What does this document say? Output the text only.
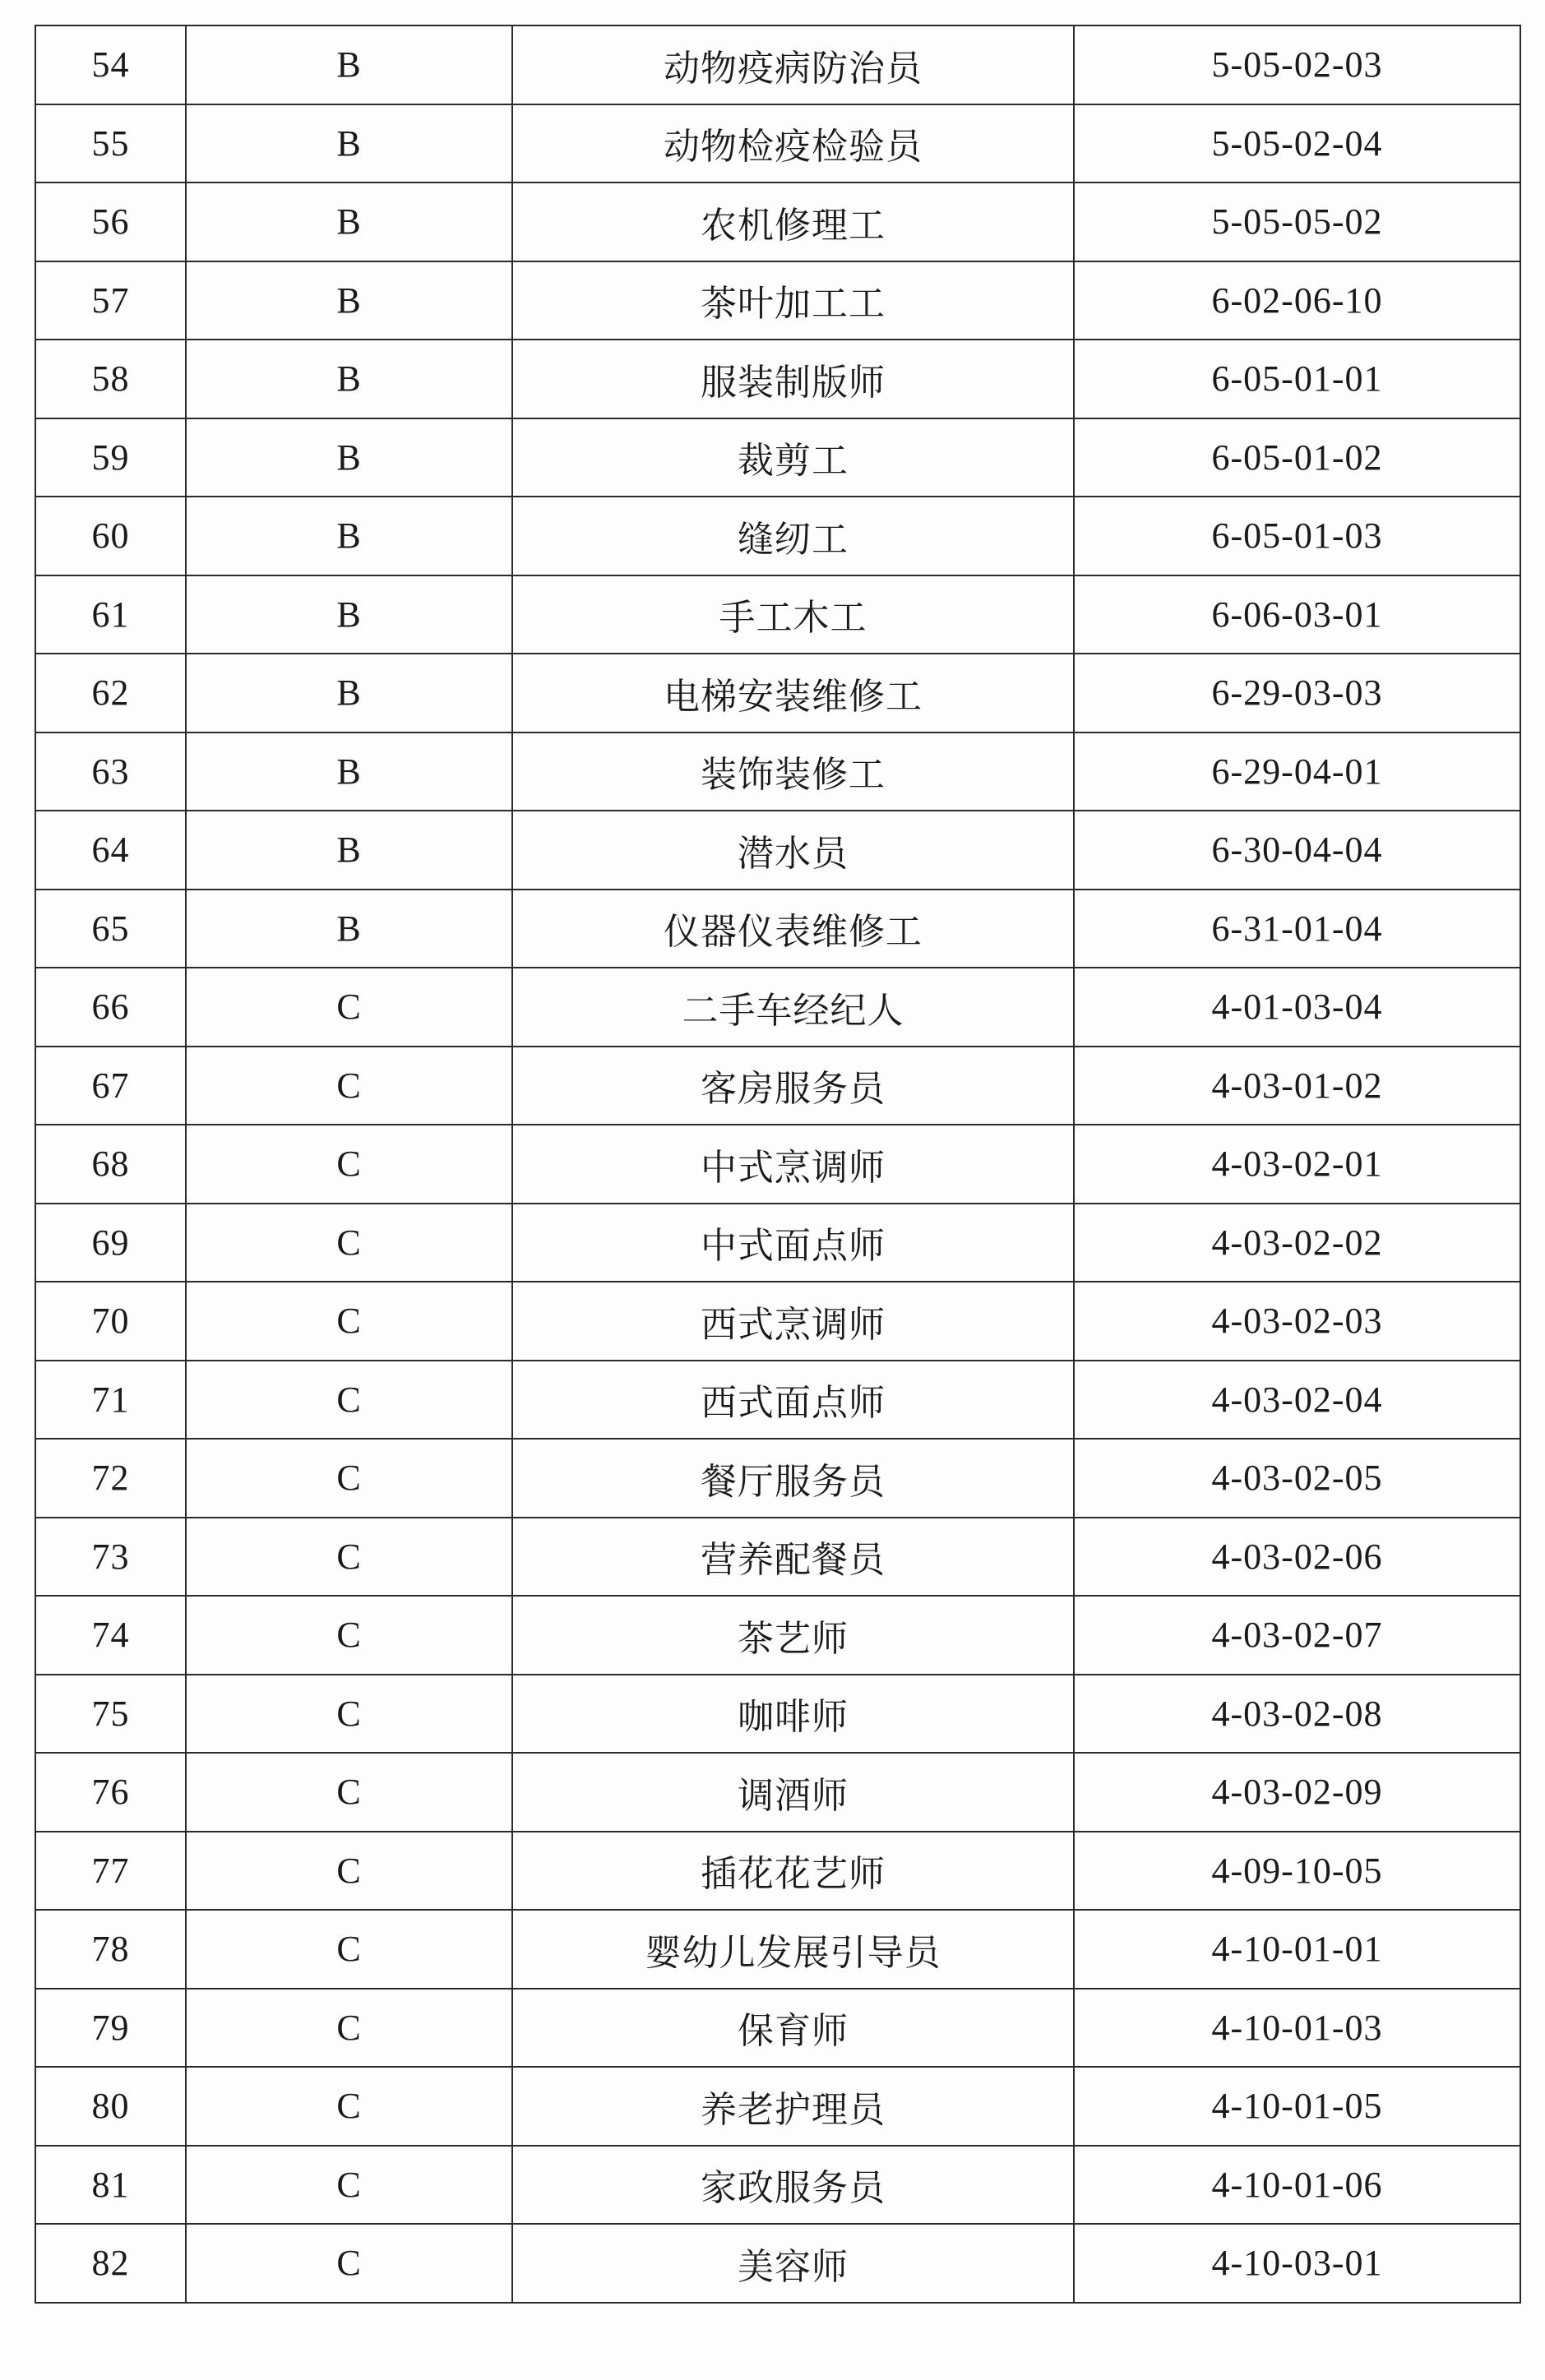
54	B	动物疫病防治员	5-05-02-03
55	B	动物检疫检验员	5-05-02-04
56	B	农机修理工	5-05-05-02
57	B	茶叶加工工	6-02-06-10
58	B	服装制版师	6-05-01-01
59	B	裁剪工	6-05-01-02
60	B	缝纫工	6-05-01-03
61	B	手工木工	6-06-03-01
62	B	电梯安装维修工	6-29-03-03
63	B	装饰装修工	6-29-04-01
64	B	潜水员	6-30-04-04
65	B	仪器仪表维修工	6-31-01-04
66	C	二手车经纪人	4-01-03-04
67	C	客房服务员	4-03-01-02
68	C	中式烹调师	4-03-02-01
69	C	中式面点师	4-03-02-02
70	C	西式烹调师	4-03-02-03
71	C	西式面点师	4-03-02-04
72	C	餐厅服务员	4-03-02-05
73	C	营养配餐员	4-03-02-06
74	C	茶艺师	4-03-02-07
75	C	咖啡师	4-03-02-08
76	C	调酒师	4-03-02-09
77	C	插花花艺师	4-09-10-05
78	C	婴幼儿发展引导员	4-10-01-01
79	C	保育师	4-10-01-03
80	C	养老护理员	4-10-01-05
81	C	家政服务员	4-10-01-06
82	C	美容师	4-10-03-01
